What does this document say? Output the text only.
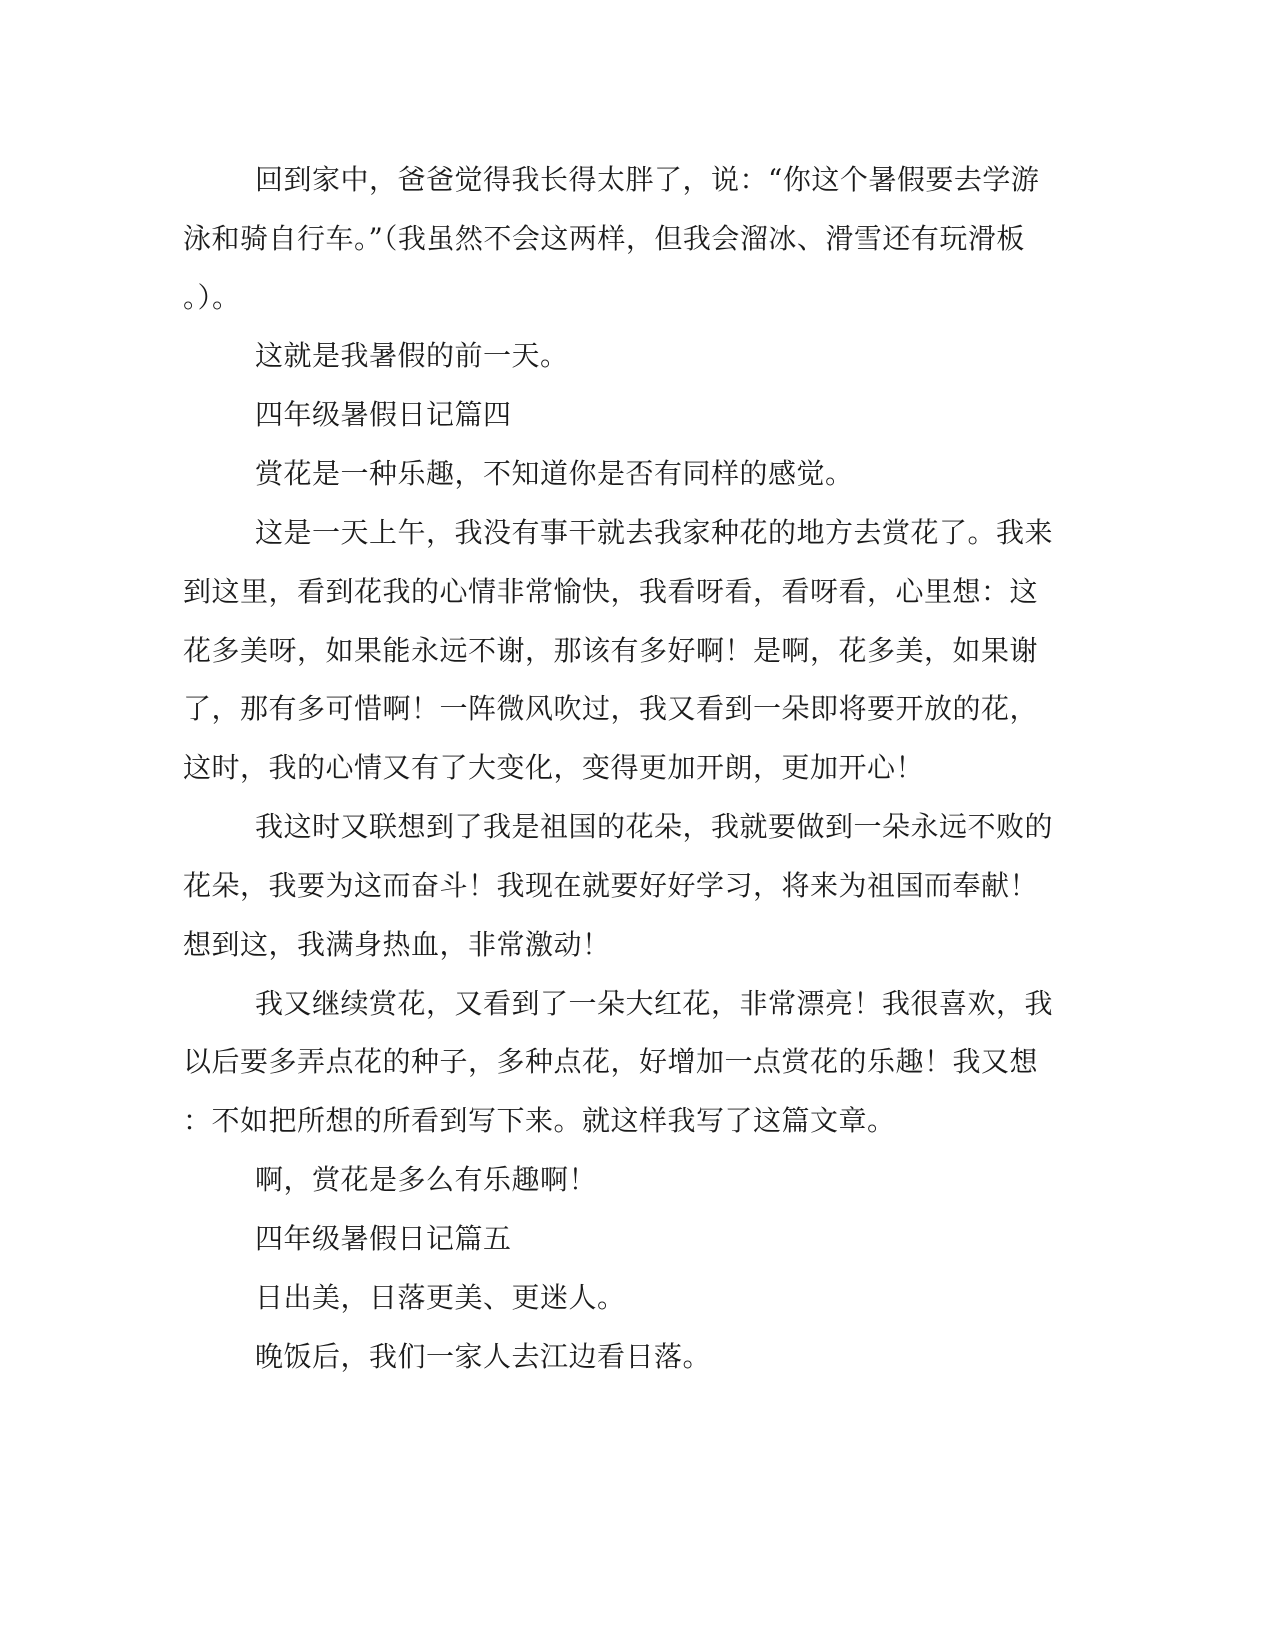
回到家中，爸爸觉得我长得太胖了，说：“你这个暑假要去学游
泳和骑自行车。”（我虽然不会这两样，但我会溜冰、滑雪还有玩滑板
。）。
这就是我暑假的前一天。
四年级暑假日记篇四
赏花是一种乐趣，不知道你是否有同样的感觉。
这是一天上午，我没有事干就去我家种花的地方去赏花了。我来
到这里，看到花我的心情非常愉快，我看呀看，看呀看，心里想：这
花多美呀，如果能永远不谢，那该有多好啊！是啊，花多美，如果谢
了，那有多可惜啊！一阵微风吹过，我又看到一朵即将要开放的花，
这时，我的心情又有了大变化，变得更加开朗，更加开心！
我这时又联想到了我是祖国的花朵，我就要做到一朵永远不败的
花朵，我要为这而奋斗！我现在就要好好学习，将来为祖国而奉献！
想到这，我满身热血，非常激动！
我又继续赏花，又看到了一朵大红花，非常漂亮！我很喜欢，我
以后要多弄点花的种子，多种点花，好增加一点赏花的乐趣！我又想
：不如把所想的所看到写下来。就这样我写了这篇文章。
啊，赏花是多么有乐趣啊！
四年级暑假日记篇五
日出美，日落更美、更迷人。
晚饭后，我们一家人去江边看日落。
